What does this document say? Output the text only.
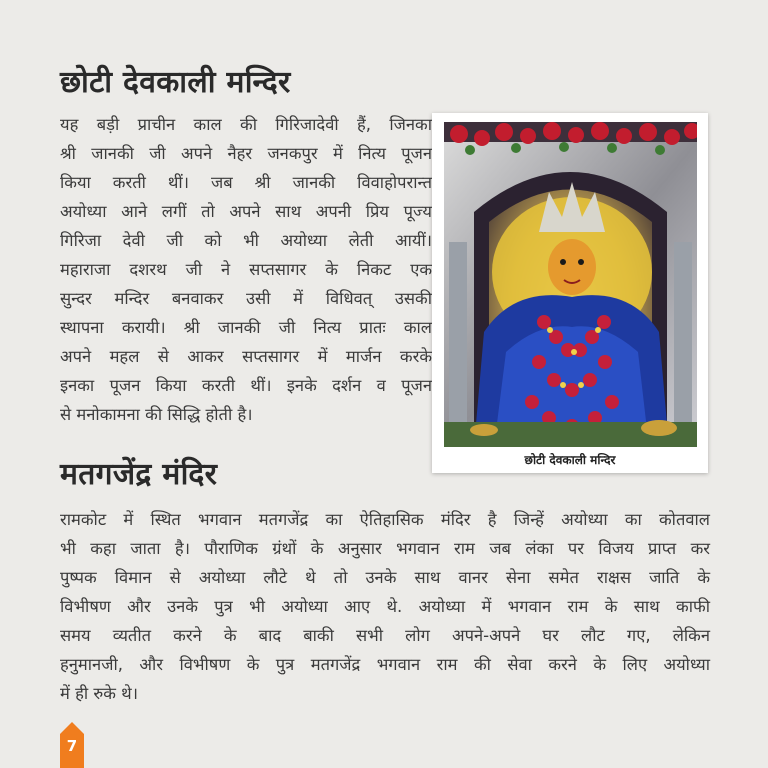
छोटी देवकाली मन्दिर
यह बड़ी प्राचीन काल की गिरिजादेवी हैं, जिनका
श्री जानकी जी अपने नैहर जनकपुर में नित्य पूजन
किया करती थीं। जब श्री जानकी विवाहोपरान्त
अयोध्या आने लगीं तो अपने साथ अपनी प्रिय पूज्य
गिरिजा देवी जी को भी अयोध्या लेती आयीं।
महाराजा दशरथ जी ने सप्तसागर के निकट एक
सुन्दर मन्दिर बनवाकर उसी में विधिवत् उसकी
स्थापना करायी। श्री जानकी जी नित्य प्रातः काल
अपने महल से आकर सप्तसागर में मार्जन करके
इनका पूजन किया करती थीं। इनके दर्शन व पूजन
से मनोकामना की सिद्धि होती है।
छोटी देवकाली मन्दिर
मतगजेंद्र मंदिर
रामकोट में स्थित भगवान मतगजेंद्र का ऐतिहासिक मंदिर है जिन्हें अयोध्या का कोतवाल
भी कहा जाता है। पौराणिक ग्रंथों के अनुसार भगवान राम जब लंका पर विजय प्राप्त कर
पुष्पक विमान से अयोध्या लौटे थे तो उनके साथ वानर सेना समेत राक्षस जाति के
विभीषण और उनके पुत्र भी अयोध्या आए थे. अयोध्या में भगवान राम के साथ काफी
समय व्यतीत करने के बाद बाकी सभी लोग अपने-अपने घर लौट गए, लेकिन
हनुमानजी, और विभीषण के पुत्र मतगजेंद्र भगवान राम की सेवा करने के लिए अयोध्या
में ही रुके थे।
7
